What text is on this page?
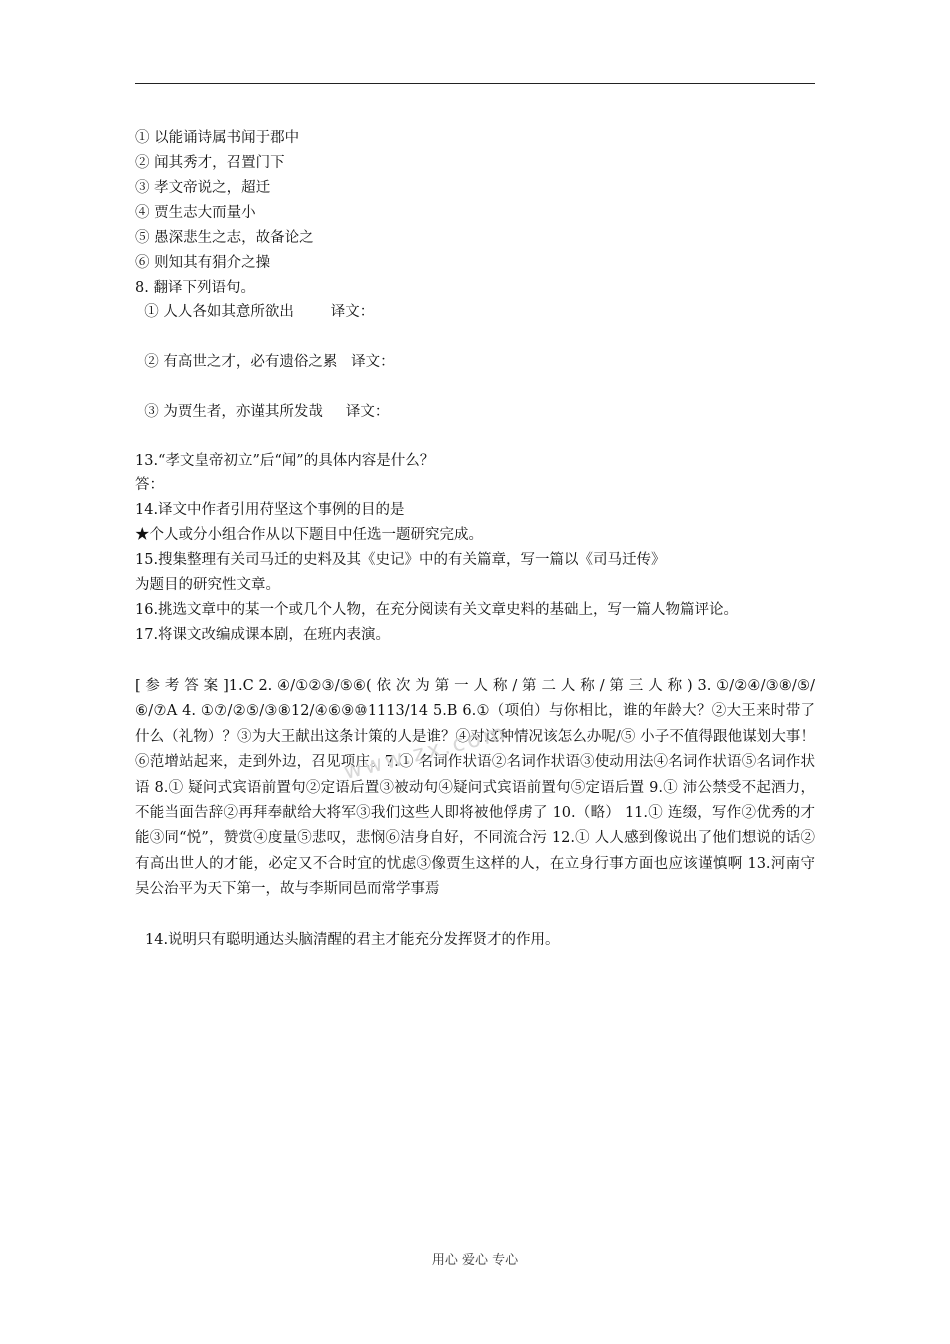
① 以能诵诗属书闻于郡中
② 闻其秀才，召置门下
③ 孝文帝说之，超迁
④ 贾生志大而量小
⑤ 愚深悲生之志，故备论之
⑥ 则知其有狷介之操
8. 翻译下列语句。
① 人人各如其意所欲出        译文：
② 有高世之才，必有遗俗之累   译文：
③ 为贾生者，亦谨其所发哉     译文：
13.“孝文皇帝初立”后“闻”的具体内容是什么？
答：
14.译文中作者引用苻坚这个事例的目的是
★个人或分小组合作从以下题目中任选一题研究完成。
15.搜集整理有关司马迁的史料及其《史记》中的有关篇章，写一篇以《司马迁传》
为题目的研究性文章。
16.挑选文章中的某一个或几个人物，在充分阅读有关文章史料的基础上，写一篇人物篇评论。
17.将课文改编成课本剧，在班内表演。
[ 参 考 答 案 ]1.C 2. ④/①②③/⑤⑥( 依 次 为 第 一 人 称 / 第 二 人 称 / 第 三 人 称 ) 3. ①/②④/③⑧/⑤/⑥/⑦A 4. ①⑦/②⑤/③⑧12/④⑥⑨⑩1113/14 5.B 6.①（项伯）与你相比，谁的年龄大？②大王来时带了什么（礼物）？③为大王献出这条计策的人是谁？④对这种情况该怎么办呢/⑤ 小子不值得跟他谋划大事！⑥范增站起来，走到外边，召见项庄。7.① 名词作状语②名词作状语③使动用法④名词作状语⑤名词作状语 8.① 疑问式宾语前置句②定语后置③被动句④疑问式宾语前置句⑤定语后置 9.① 沛公禁受不起酒力，不能当面告辞②再拜奉献给大将军③我们这些人即将被他俘虏了 10.（略） 11.① 连缀，写作②优秀的才能③同“悦”，赞赏④度量⑤悲叹，悲悯⑥洁身自好，不同流合污 12.① 人人感到像说出了他们想说的话②有高出世人的才能，必定又不合时宜的忧虑③像贾生这样的人，在立身行事方面也应该谨慎啊 13.河南守吴公治平为天下第一，故与李斯同邑而常学事焉
14.说明只有聪明通达头脑清醒的君主才能充分发挥贤才的作用。
www.zx.com
用心 爱心 专心
